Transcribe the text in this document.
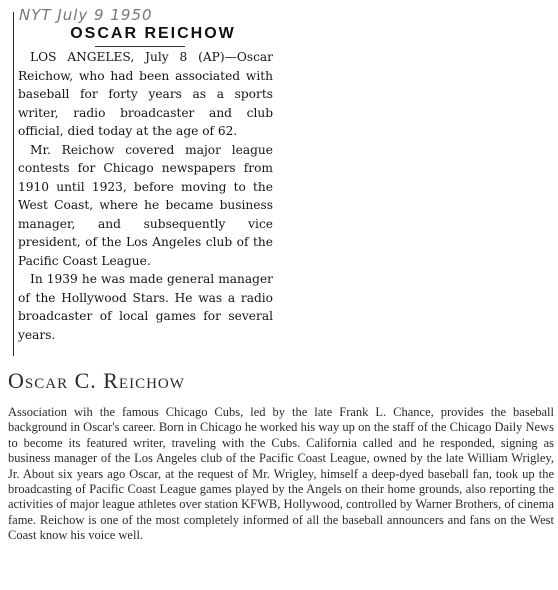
NYT July 9 1950
OSCAR REICHOW

LOS ANGELES, July 8 (AP)—Oscar Reichow, who had been associated with baseball for forty years as a sports writer, radio broadcaster and club official, died today at the age of 62.

Mr. Reichow covered major league contests for Chicago newspapers from 1910 until 1923, before moving to the West Coast, where he became business manager, and subsequently vice president, of the Los Angeles club of the Pacific Coast League.

In 1939 he was made general manager of the Hollywood Stars. He was a radio broadcaster of local games for several years.

Oscar C. Reichow

Association wih the famous Chicago Cubs, led by the late Frank L. Chance, provides the baseball background in Oscar's career. Born in Chicago he worked his way up on the staff of the Chicago Daily News to become its featured writer, traveling with the Cubs. California called and he responded, signing as business manager of the Los Angeles club of the Pacific Coast League, owned by the late William Wrigley, Jr. About six years ago Oscar, at the request of Mr. Wrigley, himself a deep-dyed baseball fan, took up the broadcasting of Pacific Coast League games played by the Angels on their home grounds, also reporting the activities of major league athletes over station KFWB, Hollywood, controlled by Warner Brothers, of cinema fame. Reichow is one of the most completely informed of all the baseball announcers and fans on the West Coast know his voice well.
